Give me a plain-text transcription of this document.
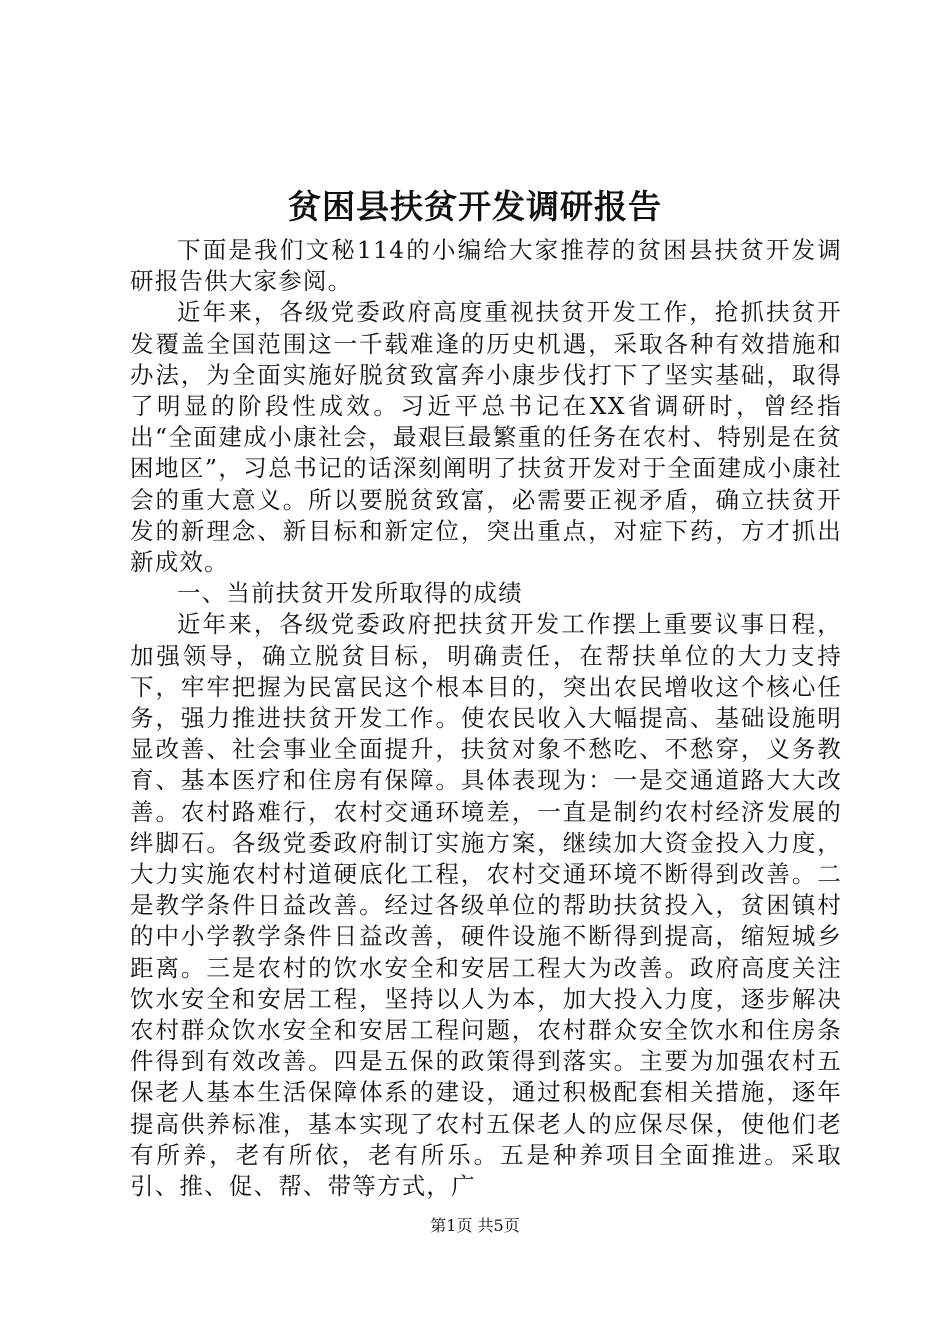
贫困县扶贫开发调研报告

下面是我们文秘114的小编给大家推荐的贫困县扶贫开发调研报告供大家参阅。

近年来，各级党委政府高度重视扶贫开发工作，抢抓扶贫开发覆盖全国范围这一千载难逢的历史机遇，采取各种有效措施和办法，为全面实施好脱贫致富奔小康步伐打下了坚实基础，取得了明显的阶段性成效。习近平总书记在XX省调研时，曾经指出“全面建成小康社会，最艰巨最繁重的任务在农村、特别是在贫困地区”，习总书记的话深刻阐明了扶贫开发对于全面建成小康社会的重大意义。所以要脱贫致富，必需要正视矛盾，确立扶贫开发的新理念、新目标和新定位，突出重点，对症下药，方才抓出新成效。

一、当前扶贫开发所取得的成绩

近年来，各级党委政府把扶贫开发工作摆上重要议事日程，加强领导，确立脱贫目标，明确责任，在帮扶单位的大力支持下，牢牢把握为民富民这个根本目的，突出农民增收这个核心任务，强力推进扶贫开发工作。使农民收入大幅提高、基础设施明显改善、社会事业全面提升，扶贫对象不愁吃、不愁穿，义务教育、基本医疗和住房有保障。具体表现为：一是交通道路大大改善。农村路难行，农村交通环境差，一直是制约农村经济发展的绊脚石。各级党委政府制订实施方案，继续加大资金投入力度，大力实施农村村道硬底化工程，农村交通环境不断得到改善。二是教学条件日益改善。经过各级单位的帮助扶贫投入，贫困镇村的中小学教学条件日益改善，硬件设施不断得到提高，缩短城乡距离。三是农村的饮水安全和安居工程大为改善。政府高度关注饮水安全和安居工程，坚持以人为本，加大投入力度，逐步解决农村群众饮水安全和安居工程问题，农村群众安全饮水和住房条件得到有效改善。四是五保的政策得到落实。主要为加强农村五保老人基本生活保障体系的建设，通过积极配套相关措施，逐年提高供养标准，基本实现了农村五保老人的应保尽保，使他们老有所养，老有所依，老有所乐。五是种养项目全面推进。采取引、推、促、帮、带等方式，广

第1页 共5页
